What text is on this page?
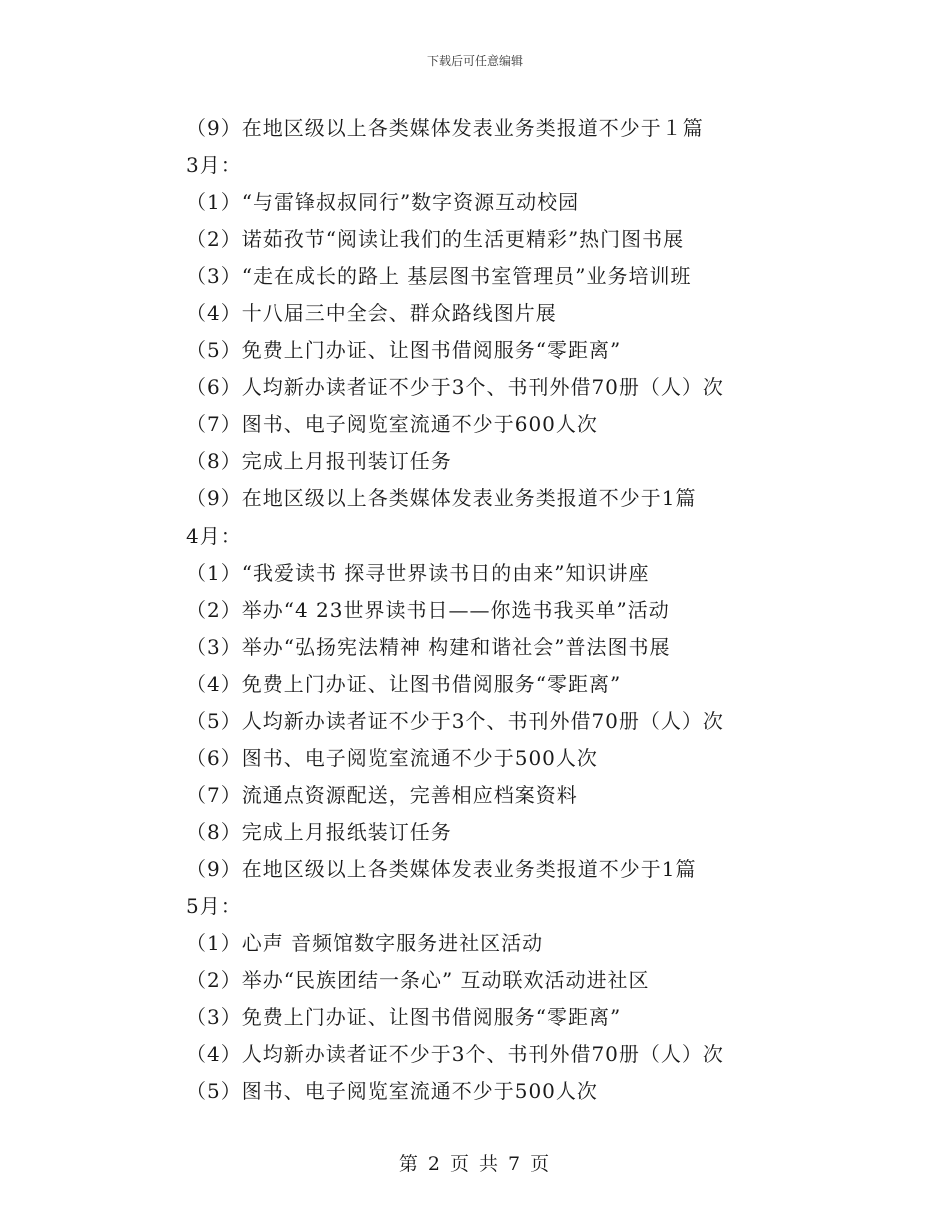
下载后可任意编辑
（9）在地区级以上各类媒体发表业务类报道不少于１篇
3月：
（1）“与雷锋叔叔同行”数字资源互动校园
（2）诺茹孜节“阅读让我们的生活更精彩”热门图书展
（3）“走在成长的路上 基层图书室管理员”业务培训班
（4）十八届三中全会、群众路线图片展
（5）免费上门办证、让图书借阅服务“零距离”
（6）人均新办读者证不少于3个、书刊外借70册（人）次
（7）图书、电子阅览室流通不少于600人次
（8）完成上月报刊装订任务
（9）在地区级以上各类媒体发表业务类报道不少于1篇
4月：
（1）“我爱读书 探寻世界读书日的由来”知识讲座
（2）举办“4 23世界读书日——你选书我买单”活动
（3）举办“弘扬宪法精神 构建和谐社会”普法图书展
（4）免费上门办证、让图书借阅服务“零距离”
（5）人均新办读者证不少于3个、书刊外借70册（人）次
（6）图书、电子阅览室流通不少于500人次
（7）流通点资源配送，完善相应档案资料
（8）完成上月报纸装订任务
（9）在地区级以上各类媒体发表业务类报道不少于1篇
5月：
（1）心声 音频馆数字服务进社区活动
（2）举办“民族团结一条心” 互动联欢活动进社区
（3）免费上门办证、让图书借阅服务“零距离”
（4）人均新办读者证不少于3个、书刊外借70册（人）次
（5）图书、电子阅览室流通不少于500人次
第 2 页 共 7 页
